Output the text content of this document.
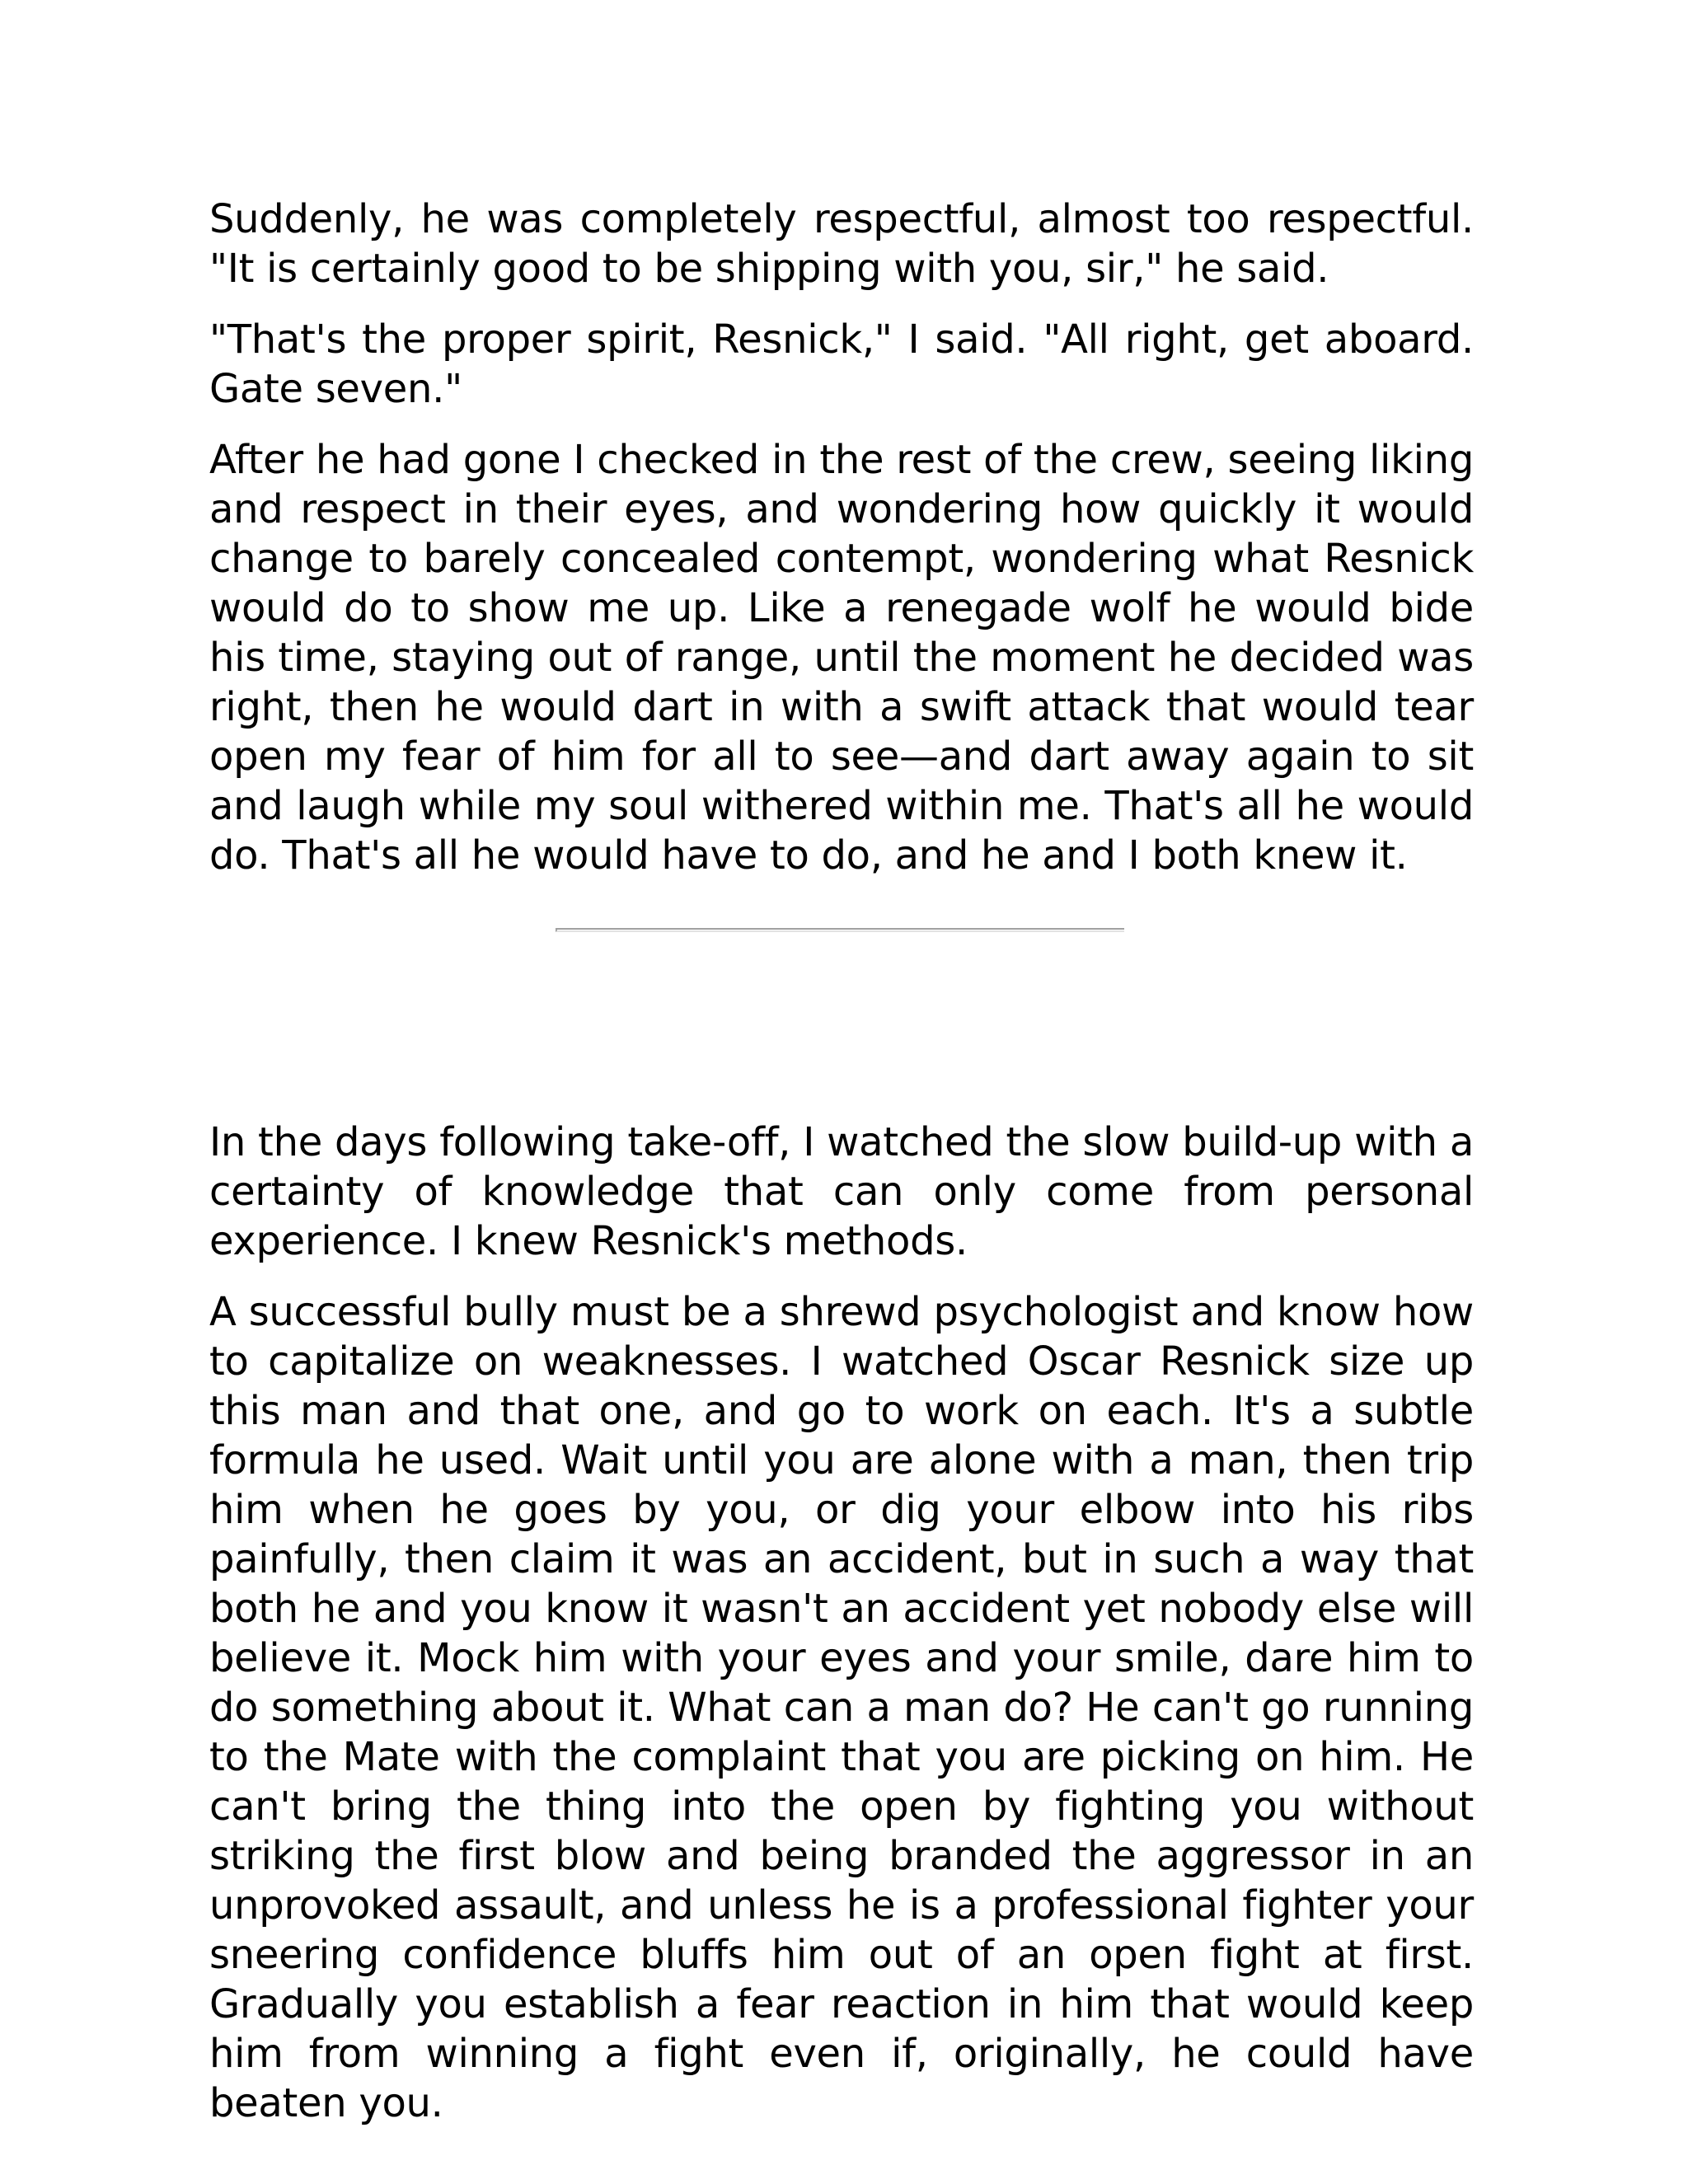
Suddenly, he was completely respectful, almost too respectful. "It is certainly good to be shipping with you, sir," he said.

"That's the proper spirit, Resnick," I said. "All right, get aboard. Gate seven."

After he had gone I checked in the rest of the crew, seeing liking and respect in their eyes, and wondering how quickly it would change to barely concealed contempt, wondering what Resnick would do to show me up. Like a renegade wolf he would bide his time, staying out of range, until the moment he decided was right, then he would dart in with a swift attack that would tear open my fear of him for all to see—and dart away again to sit and laugh while my soul withered within me. That's all he would do. That's all he would have to do, and he and I both knew it.

In the days following take-off, I watched the slow build-up with a certainty of knowledge that can only come from personal experience. I knew Resnick's methods.

A successful bully must be a shrewd psychologist and know how to capitalize on weaknesses. I watched Oscar Resnick size up this man and that one, and go to work on each. It's a subtle formula he used. Wait until you are alone with a man, then trip him when he goes by you, or dig your elbow into his ribs painfully, then claim it was an accident, but in such a way that both he and you know it wasn't an accident yet nobody else will believe it. Mock him with your eyes and your smile, dare him to do something about it. What can a man do? He can't go running to the Mate with the complaint that you are picking on him. He can't bring the thing into the open by fighting you without striking the first blow and being branded the aggressor in an unprovoked assault, and unless he is a professional fighter your sneering confidence bluffs him out of an open fight at first. Gradually you establish a fear reaction in him that would keep him from winning a fight even if, originally, he could have beaten you.
